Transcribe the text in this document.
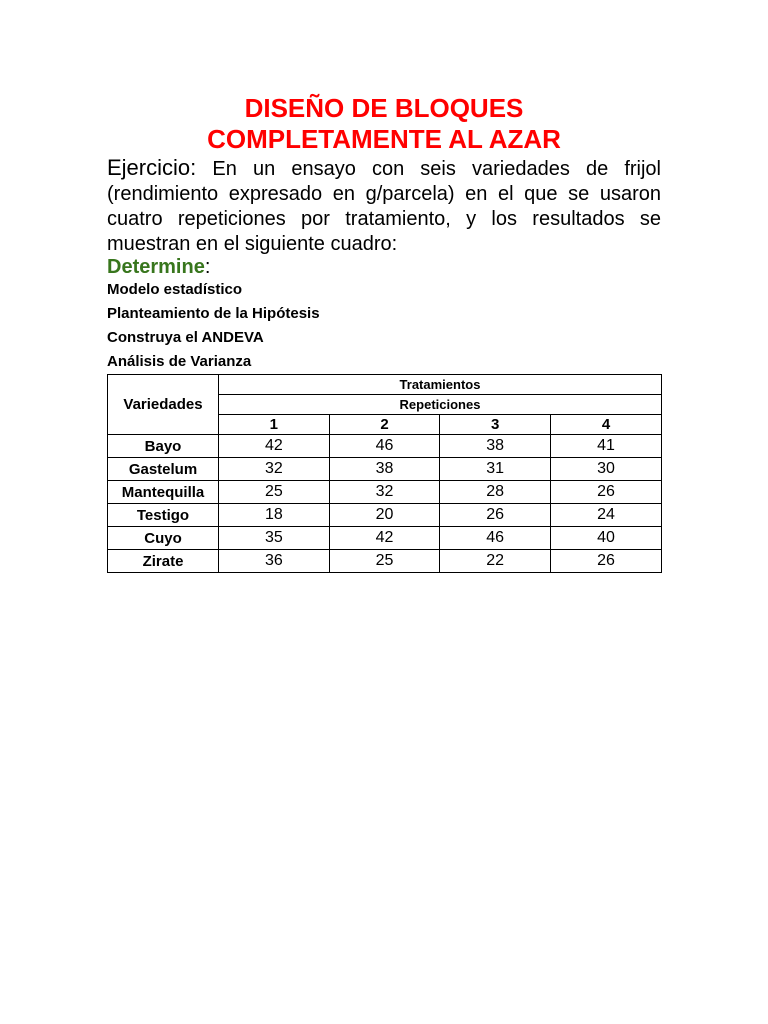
DISEÑO DE BLOQUES
COMPLETAMENTE AL AZAR
Ejercicio: En un ensayo con seis variedades de frijol (rendimiento expresado en g/parcela) en el que se usaron cuatro repeticiones por tratamiento, y los resultados se muestran en el siguiente cuadro:
Determine:
Modelo estadístico
Planteamiento de la Hipótesis
Construya el ANDEVA
Análisis de Varianza
Variedades	Tratamientos			
	Repeticiones			
	1	2	3	4
Bayo	42	46	38	41
Gastelum	32	38	31	30
Mantequilla	25	32	28	26
Testigo	18	20	26	24
Cuyo	35	42	46	40
Zirate	36	25	22	26
